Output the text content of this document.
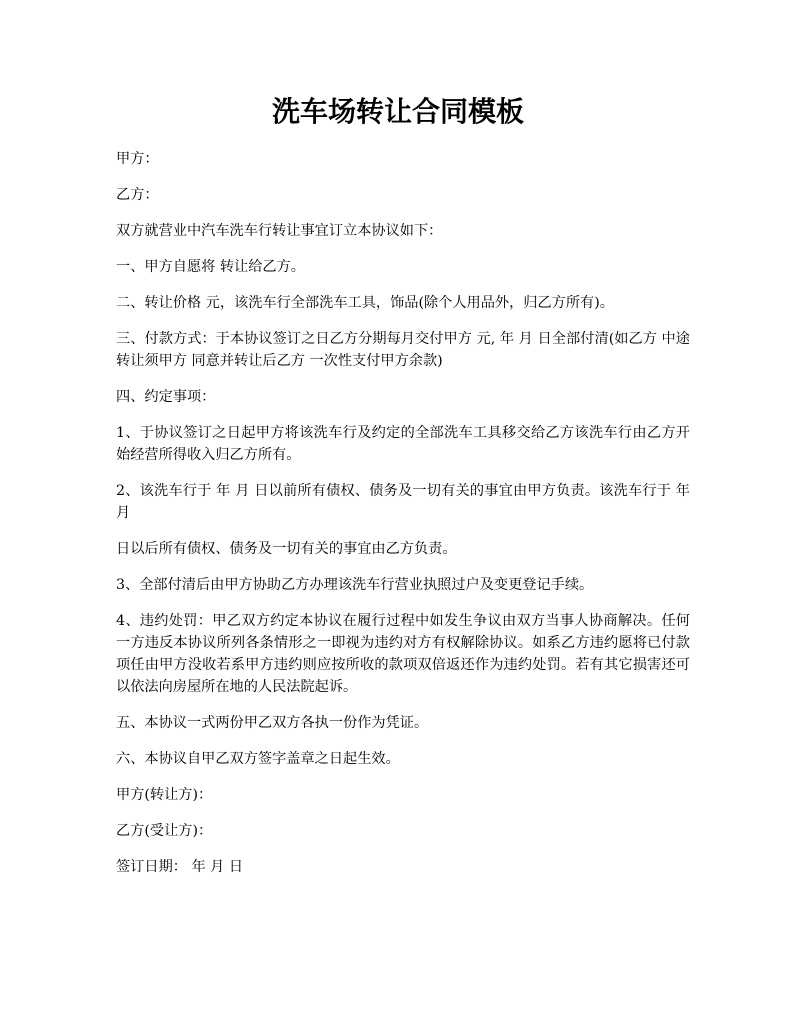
洗车场转让合同模板

甲方：

乙方：

双方就营业中汽车洗车行转让事宜订立本协议如下：

一、甲方自愿将 转让给乙方。

二、转让价格 元，该洗车行全部洗车工具，饰品(除个人用品外，归乙方所有)。

三、付款方式：于本协议签订之日乙方分期每月交付甲方 元, 年 月 日全部付清(如乙方 中途转让须甲方 同意并转让后乙方 一次性支付甲方余款)

四、约定事项：

1、于协议签订之日起甲方将该洗车行及约定的全部洗车工具移交给乙方该洗车行由乙方开始经营所得收入归乙方所有。

2、该洗车行于 年 月 日以前所有债权、债务及一切有关的事宜由甲方负责。该洗车行于 年 月

日以后所有债权、债务及一切有关的事宜由乙方负责。

3、全部付清后由甲方协助乙方办理该洗车行营业执照过户及变更登记手续。

4、违约处罚：甲乙双方约定本协议在履行过程中如发生争议由双方当事人协商解决。任何一方违反本协议所列各条情形之一即视为违约对方有权解除协议。如系乙方违约愿将已付款项任由甲方没收若系甲方违约则应按所收的款项双倍返还作为违约处罚。若有其它损害还可以依法向房屋所在地的人民法院起诉。

五、本协议一式两份甲乙双方各执一份作为凭证。

六、本协议自甲乙双方签字盖章之日起生效。

甲方(转让方)：

乙方(受让方)：

签订日期： 年 月 日
